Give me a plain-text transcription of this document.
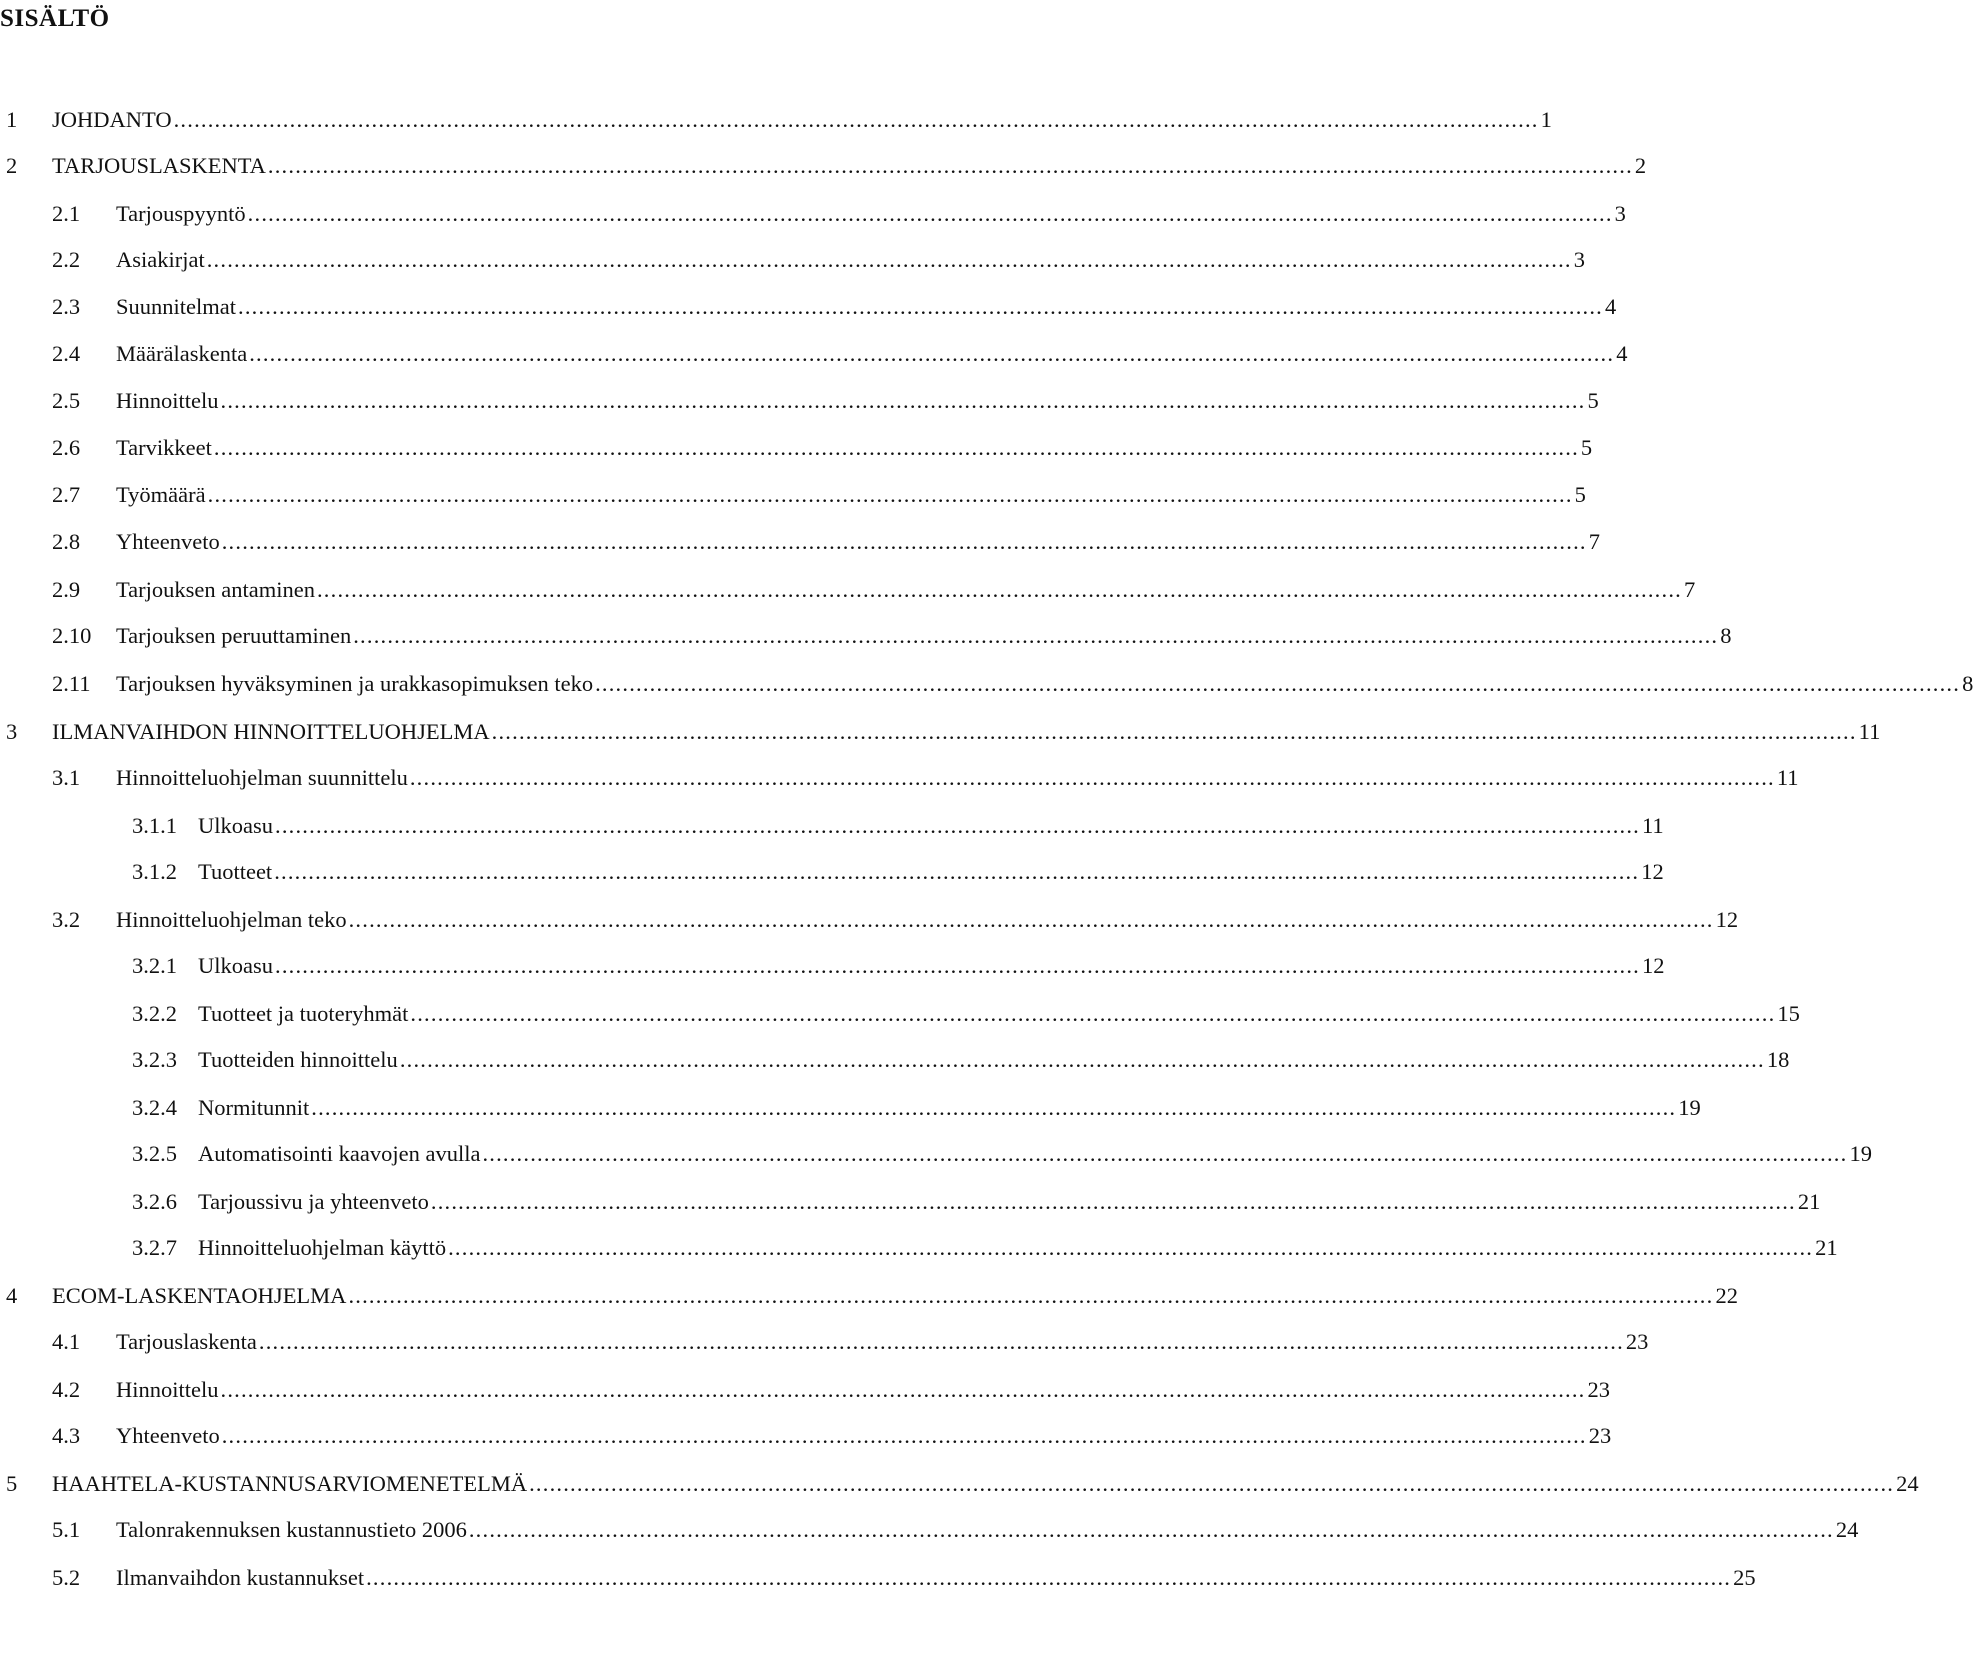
SISÄLTÖ
1	JOHDANTO ........................................................................................................................................................................................................ 1
2	TARJOUSLASKENTA ........................................................................................................................................................................................................ 2
2.1	Tarjouspyyntö ........................................................................................................................................................................................................ 3
2.2	Asiakirjat ........................................................................................................................................................................................................ 3
2.3	Suunnitelmat ........................................................................................................................................................................................................ 4
2.4	Määrälaskenta ........................................................................................................................................................................................................ 4
2.5	Hinnoittelu ........................................................................................................................................................................................................ 5
2.6	Tarvikkeet ........................................................................................................................................................................................................ 5
2.7	Työmäärä ........................................................................................................................................................................................................ 5
2.8	Yhteenveto ........................................................................................................................................................................................................ 7
2.9	Tarjouksen antaminen ........................................................................................................................................................................................................ 7
2.10	Tarjouksen peruuttaminen ........................................................................................................................................................................................................ 8
2.11	Tarjouksen hyväksyminen ja urakkasopimuksen teko ........................................................................................................................................................................................................ 8
3	ILMANVAIHDON HINNOITTELUOHJELMA ........................................................................................................................................................................................................ 11
3.1	Hinnoitteluohjelman suunnittelu ........................................................................................................................................................................................................ 11
3.1.1 Ulkoasu ........................................................................................................................................................................................................ 11
3.1.2 Tuotteet ........................................................................................................................................................................................................ 12
3.2	Hinnoitteluohjelman teko ........................................................................................................................................................................................................ 12
3.2.1 Ulkoasu ........................................................................................................................................................................................................ 12
3.2.2 Tuotteet ja tuoteryhmät ........................................................................................................................................................................................................ 15
3.2.3 Tuotteiden hinnoittelu ........................................................................................................................................................................................................ 18
3.2.4 Normitunnit ........................................................................................................................................................................................................ 19
3.2.5 Automatisointi kaavojen avulla ........................................................................................................................................................................................................ 19
3.2.6 Tarjoussivu ja yhteenveto ........................................................................................................................................................................................................ 21
3.2.7 Hinnoitteluohjelman käyttö ........................................................................................................................................................................................................ 21
4	ECOM-LASKENTAOHJELMA ........................................................................................................................................................................................................ 22
4.1	Tarjouslaskenta ........................................................................................................................................................................................................ 23
4.2	Hinnoittelu ........................................................................................................................................................................................................ 23
4.3	Yhteenveto ........................................................................................................................................................................................................ 23
5	HAAHTELA-KUSTANNUSARVIOMENETELMÄ ........................................................................................................................................................................................................ 24
5.1	Talonrakennuksen kustannustieto 2006 ........................................................................................................................................................................................................ 24
5.2	Ilmanvaihdon kustannukset ........................................................................................................................................................................................................ 25
